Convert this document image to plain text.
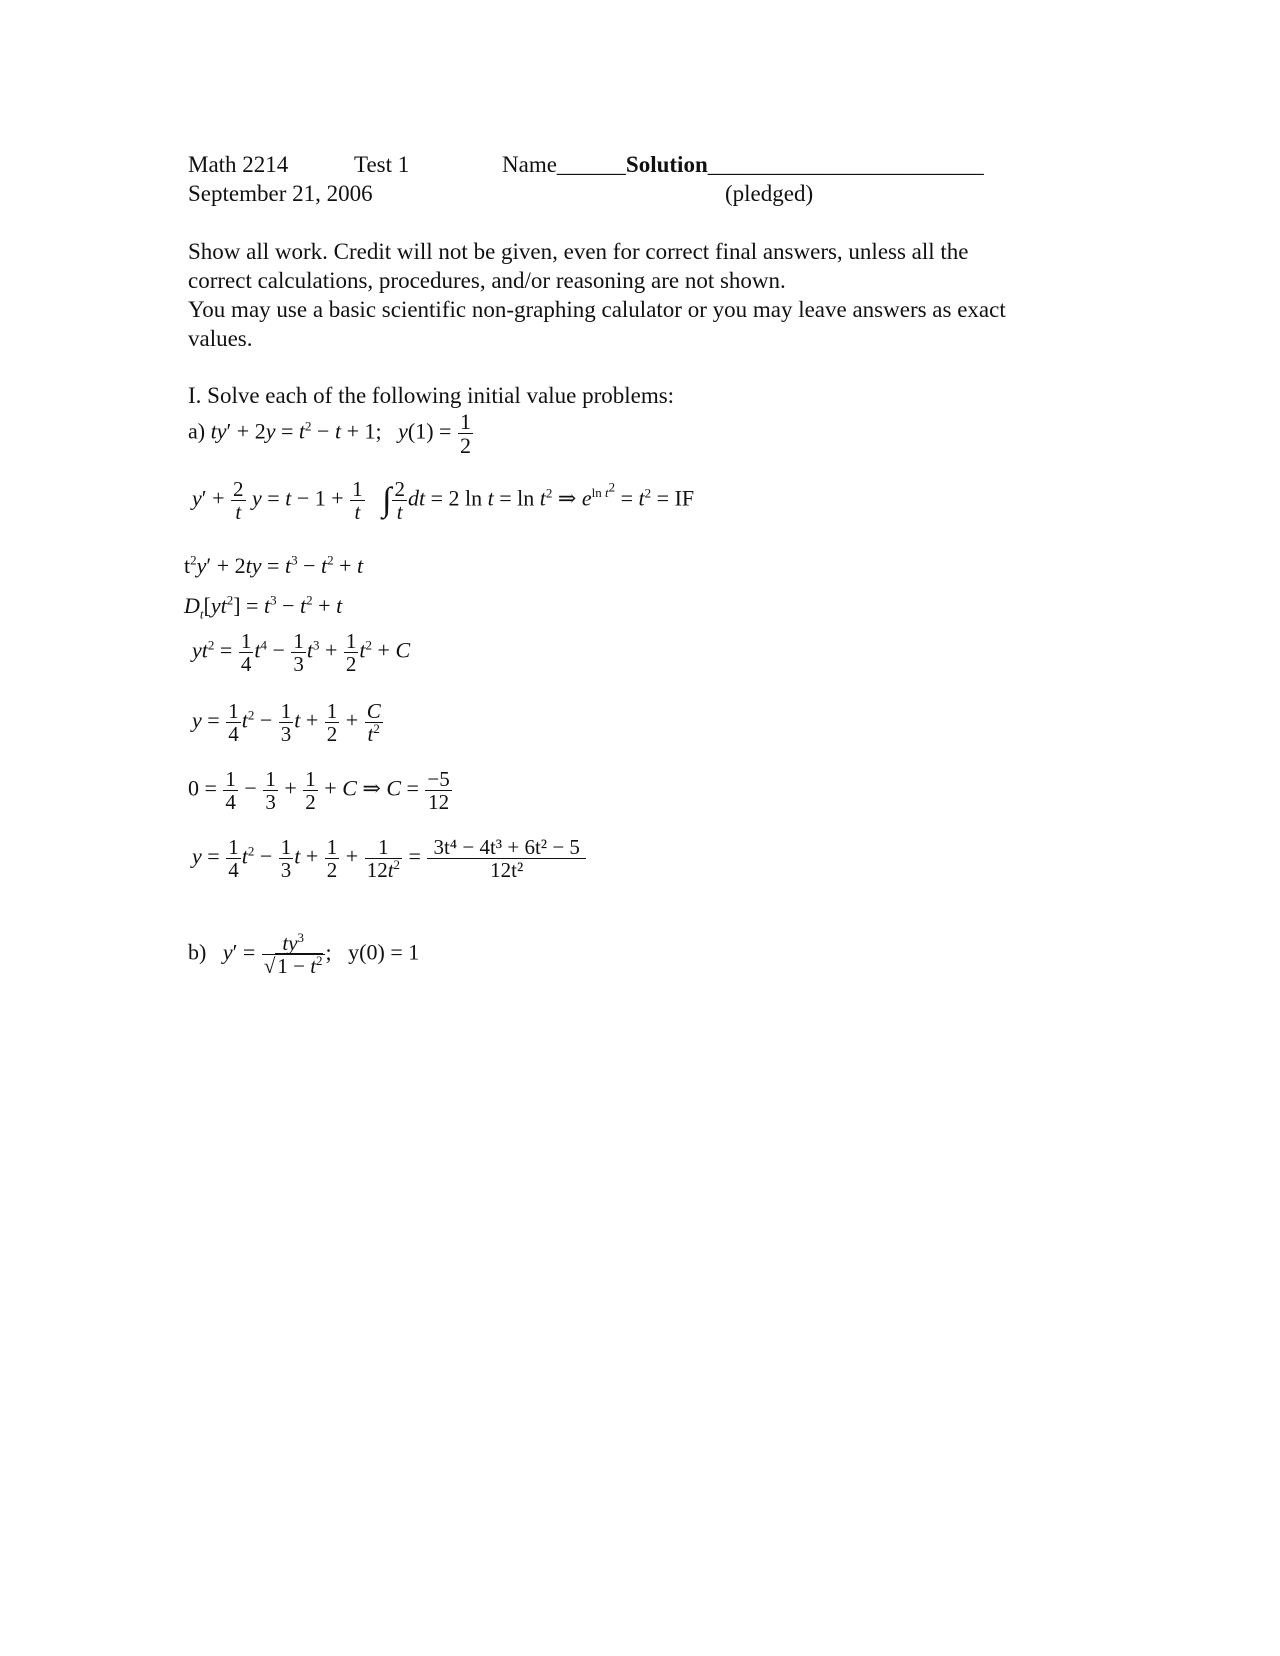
Math 2214	Test 1	Name______Solution________________________
September 21, 2006	(pledged)
Show all work. Credit will not be given, even for correct final answers, unless all the
correct calculations, procedures, and/or reasoning are not shown.
You may use a basic scientific non-graphing calulator or you may leave answers as exact
values.
I. Solve each of the following initial value problems:
a) $ty' + 2y = t^2 - t + 1$;   $y(1) = \frac{1}{2}$
$y' + \frac{2}{t}$ $y = t - 1 + \frac{1}{t}$ ∫ $\frac{2}{t}$ dt = 2 $\ln t = \ln t^2$ ⇒ $e^{ln t^2} = t^2$ = IF
$t^2y' + 2ty = t^3 - t^2 + t$
$D_t[yt^2] = t^3 - t^2 + t$
$yt^2 = \frac{1}{4} t^4 - \frac{1}{3} t^3 + \frac{1}{2} t^2 + C$
$y = \frac{1}{4} t^2 - \frac{1}{3}$ $t + \frac{1}{2} + \frac{C}{t^2}$
$0 = \frac{1}{4} - \frac{1}{3} + \frac{1}{2} + C$ ⇒ $C = \frac{-5}{12}$
$y = \frac{1}{4} t^2 - \frac{1}{3}$ $t + \frac{1}{2} + \frac{1}{12t^2} = \frac{\text{3t⁴ − 4t³ + 6t² − 5}}{\text{12t²}}$
b) $y' = \frac{ty^3}{√1 - t^2}$ ;   y(0) = 1
